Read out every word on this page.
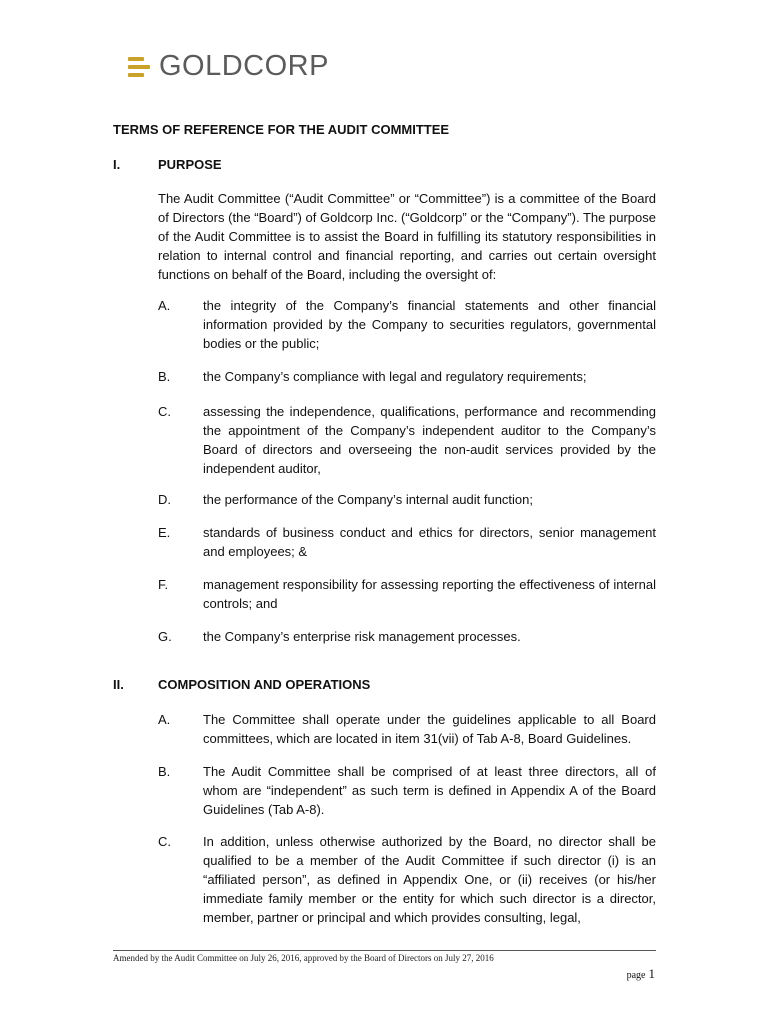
GOLDCORP
TERMS OF REFERENCE FOR THE AUDIT COMMITTEE
I.	PURPOSE

The Audit Committee (“Audit Committee” or “Committee”) is a committee of the Board of Directors (the “Board”) of Goldcorp Inc. (“Goldcorp” or the “Company”). The purpose of the Audit Committee is to assist the Board in fulfilling its statutory responsibilities in relation to internal control and financial reporting, and carries out certain oversight functions on behalf of the Board, including the oversight of:

A.	the integrity of the Company’s financial statements and other financial information provided by the Company to securities regulators, governmental bodies or the public;

B.	the Company’s compliance with legal and regulatory requirements;

C. assessing the independence, qualifications, performance and recommending the appointment of the Company’s independent auditor to the Company’s Board of directors and overseeing the non-audit services provided by the independent auditor,

D. the performance of the Company’s internal audit function;

E.	standards of business conduct and ethics for directors, senior management and employees; &

F.	management responsibility for assessing reporting the effectiveness of internal controls; and

G. the Company’s enterprise risk management processes.

II.	COMPOSITION AND OPERATIONS
A.	The Committee shall operate under the guidelines applicable to all Board committees, which are located in item 31(vii) of Tab A-8, Board Guidelines.

B.	The Audit Committee shall be comprised of at least three directors, all of whom are “independent” as such term is defined in Appendix A of the Board Guidelines (Tab A-8).

C. In addition, unless otherwise authorized by the Board, no director shall be qualified to be a member of the Audit Committee if such director (i) is an “affiliated person”, as defined in Appendix One, or (ii) receives (or his/her immediate family member or the entity for which such director is a director, member, partner or principal and which provides consulting, legal,

Amended by the Audit Committee on July 26, 2016, approved by the Board of Directors on July 27, 2016
page 1
